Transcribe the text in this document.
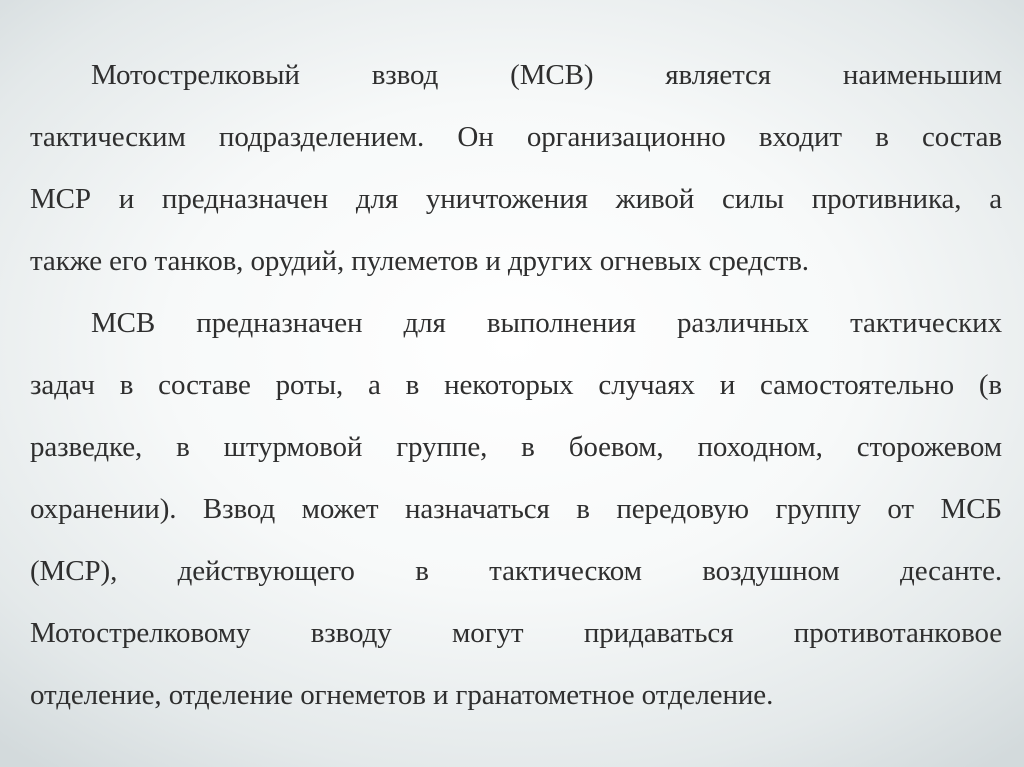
Мотострелковый взвод (МСВ) является наименьшим
тактическим подразделением. Он организационно входит в состав
МСР и предназначен для уничтожения живой силы противника, а
также его танков, орудий, пулеметов и других огневых средств.
МСВ предназначен для выполнения различных тактических
задач в составе роты, а в некоторых случаях и самостоятельно (в
разведке, в штурмовой группе, в боевом, походном, сторожевом
охранении). Взвод может назначаться в передовую группу от МСБ
(МСР), действующего в тактическом воздушном десанте.
Мотострелковому взводу могут придаваться противотанковое
отделение, отделение огнеметов и гранатометное отделение.
